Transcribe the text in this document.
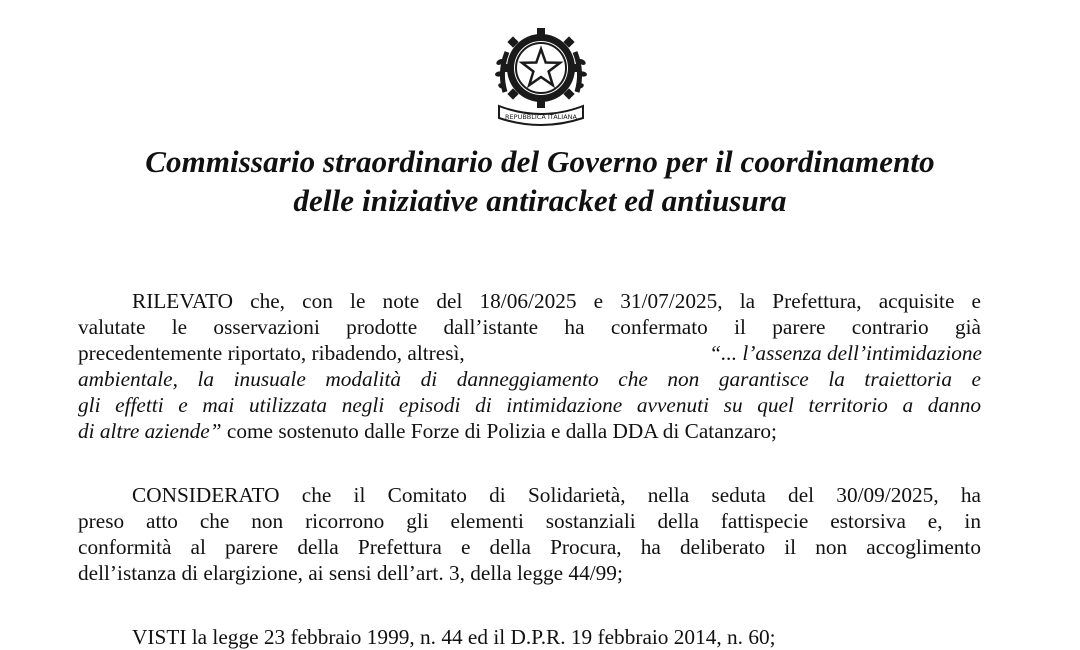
REPUBBLICA ITALIANA
Commissario straordinario del Governo per il coordinamento
delle iniziative antiracket ed antiusura
RILEVATO che, con le note del 18/06/2025 e 31/07/2025, la Prefettura, acquisite e
valutate le osservazioni prodotte dall’istante ha confermato il parere contrario già
precedentemente riportato, ribadendo, altresì,	“... l’assenza dell’intimidazione
ambientale, la inusuale modalità di danneggiamento che non garantisce la traiettoria e
gli effetti e mai utilizzata negli episodi di intimidazione avvenuti su quel territorio a danno
di altre aziende” come sostenuto dalle Forze di Polizia e dalla DDA di Catanzaro;
CONSIDERATO che il Comitato di Solidarietà, nella seduta del 30/09/2025, ha
preso atto che non ricorrono gli elementi sostanziali della fattispecie estorsiva e, in
conformità al parere della Prefettura e della Procura, ha deliberato il non accoglimento
dell’istanza di elargizione, ai sensi dell’art. 3, della legge 44/99;
VISTI la legge 23 febbraio 1999, n. 44 ed il D.P.R. 19 febbraio 2014, n. 60;
